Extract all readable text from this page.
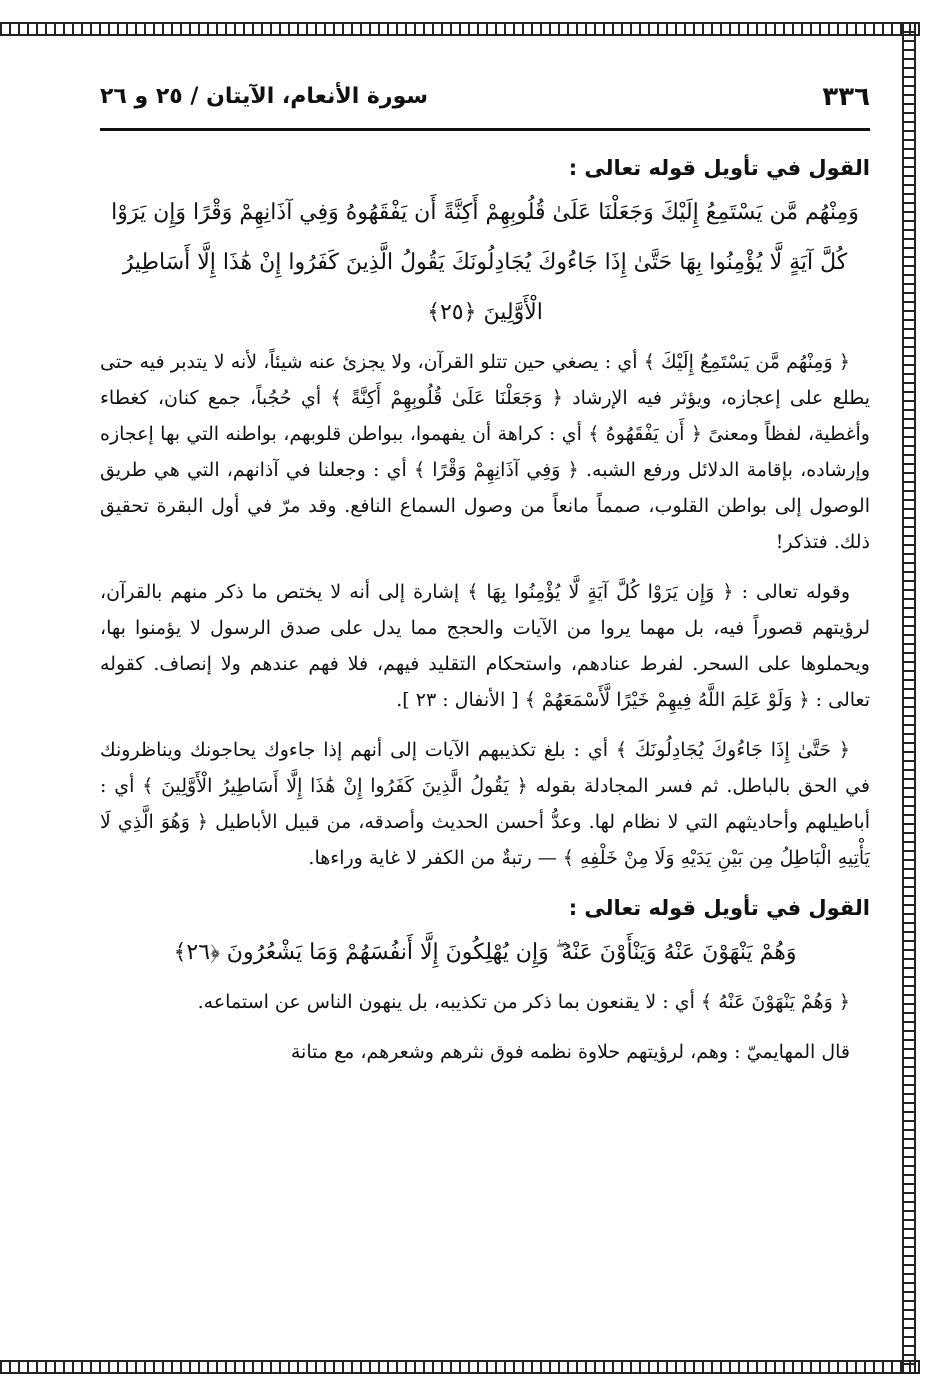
٣٣٦
سورة الأنعام، الآيتان / ٢٥ و ٢٦
القول في تأويل قوله تعالى :
وَمِنْهُم مَّن يَسْتَمِعُ إِلَيْكَ وَجَعَلْنَا عَلَىٰ قُلُوبِهِمْ أَكِنَّةً أَن يَفْقَهُوهُ وَفِي آذَانِهِمْ وَقْرًا وَإِن يَرَوْا كُلَّ آيَةٍ لَّا يُؤْمِنُوا بِهَا حَتَّىٰ إِذَا جَاءُوكَ يُجَادِلُونَكَ يَقُولُ الَّذِينَ كَفَرُوا إِنْ هَٰذَا إِلَّا أَسَاطِيرُ الْأَوَّلِينَ ﴿٢٥﴾

﴿ وَمِنْهُم مَّن يَسْتَمِعُ إِلَيْكَ ﴾ أي : يصغي حين تتلو القرآن، ولا يجزئ عنه شيئاً، لأنه لا يتدبر فيه حتى يطلع على إعجازه، ويؤثر فيه الإرشاد ﴿ وَجَعَلْنَا عَلَىٰ قُلُوبِهِمْ أَكِنَّةً ﴾ أي حُجُباً، جمع كنان، كغطاء وأغطية، لفظاً ومعنىً ﴿ أَن يَفْقَهُوهُ ﴾ أي : كراهة أن يفهموا، ببواطن قلوبهم، بواطنه التي بها إعجازه وإرشاده، بإقامة الدلائل ورفع الشبه. ﴿ وَفِي آذَانِهِمْ وَقْرًا ﴾ أي : وجعلنا في آذانهم، التي هي طريق الوصول إلى بواطن القلوب، صمماً مانعاً من وصول السماع النافع. وقد مرّ في أول البقرة تحقيق ذلك. فتذكر!

وقوله تعالى : ﴿ وَإِن يَرَوْا كُلَّ آيَةٍ لَّا يُؤْمِنُوا بِهَا ﴾ إشارة إلى أنه لا يختص ما ذكر منهم بالقرآن، لرؤيتهم قصوراً فيه، بل مهما يروا من الآيات والحجج مما يدل على صدق الرسول لا يؤمنوا بها، ويحملوها على السحر. لفرط عنادهم، واستحكام التقليد فيهم، فلا فهم عندهم ولا إنصاف. كقوله تعالى : ﴿ وَلَوْ عَلِمَ اللَّهُ فِيهِمْ خَيْرًا لَّأَسْمَعَهُمْ ﴾ [ الأنفال : ٢٣ ].

﴿ حَتَّىٰ إِذَا جَاءُوكَ يُجَادِلُونَكَ ﴾ أي : بلغ تكذيبهم الآيات إلى أنهم إذا جاءوك يحاجونك ويناظرونك في الحق بالباطل. ثم فسر المجادلة بقوله ﴿ يَقُولُ الَّذِينَ كَفَرُوا إِنْ هَٰذَا إِلَّا أَسَاطِيرُ الْأَوَّلِينَ ﴾ أي : أباطيلهم وأحاديثهم التي لا نظام لها. وعدُّ أحسن الحديث وأصدقه، من قبيل الأباطيل ﴿ وَهُوَ الَّذِي لَا يَأْتِيهِ الْبَاطِلُ مِن بَيْنِ يَدَيْهِ وَلَا مِنْ خَلْفِهِ ﴾ — رتبةٌ من الكفر لا غاية وراءها.

القول في تأويل قوله تعالى :
وَهُمْ يَنْهَوْنَ عَنْهُ وَيَنْأَوْنَ عَنْهُ ۖ وَإِن يُهْلِكُونَ إِلَّا أَنفُسَهُمْ وَمَا يَشْعُرُونَ ﴿٢٦﴾

﴿ وَهُمْ يَنْهَوْنَ عَنْهُ ﴾ أي : لا يقنعون بما ذكر من تكذيبه، بل ينهون الناس عن استماعه.

قال المهايميّ : وهم، لرؤيتهم حلاوة نظمه فوق نثرهم وشعرهم، مع متانة
